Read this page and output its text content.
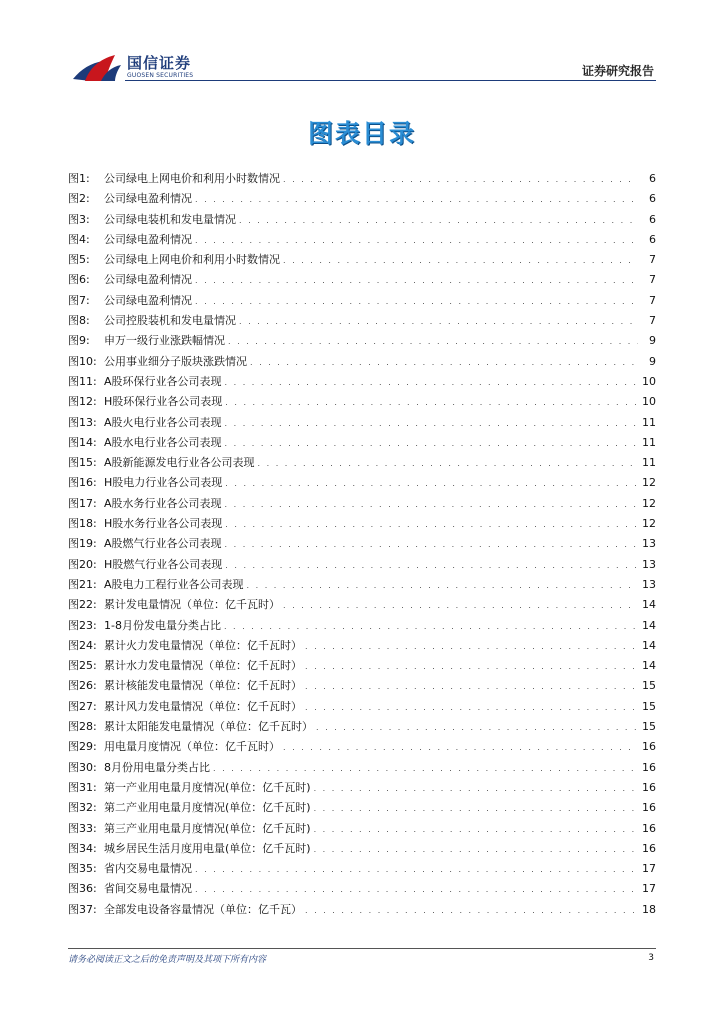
国信证券
GUOSEN SECURITIES	证券研究报告
图表目录
图1:	公司绿电上网电价和利用小时数情况 . . .	6
图2:	公司绿电盈利情况 . . .	6
图3:	公司绿电装机和发电量情况 . . .	6
图4:	公司绿电盈利情况 . . .	6
图5:	公司绿电上网电价和利用小时数情况 . . .	7
图6:	公司绿电盈利情况 . . .	7
图7:	公司绿电盈利情况 . . .	7
图8:	公司控股装机和发电量情况 . . .	7
图9:	申万一级行业涨跌幅情况 . . .	9
图10: 公用事业细分子版块涨跌情况 . . .	9
图11: A股环保行业各公司表现 . . .	10
图12: H股环保行业各公司表现 . . .	10
图13: A股火电行业各公司表现 . . .	11
图14: A股水电行业各公司表现 . . .	11
图15: A股新能源发电行业各公司表现 . . .	11
图16: H股电力行业各公司表现 . . .	12
图17: A股水务行业各公司表现 . . .	12
图18: H股水务行业各公司表现 . . .	12
图19: A股燃气行业各公司表现 . . .	13
图20: H股燃气行业各公司表现 . . .	13
图21: A股电力工程行业各公司表现 . . .	13
图22: 累计发电量情况（单位：亿千瓦时） . . .	14
图23: 1-8月份发电量分类占比 . . .	14
图24: 累计火力发电量情况（单位：亿千瓦时） . . .	14
图25: 累计水力发电量情况（单位：亿千瓦时） . . .	14
图26: 累计核能发电量情况（单位：亿千瓦时） . . .	15
图27: 累计风力发电量情况（单位：亿千瓦时） . . .	15
图28: 累计太阳能发电量情况（单位：亿千瓦时） . . .	15
图29: 用电量月度情况（单位：亿千瓦时） . . .	16
图30: 8月份用电量分类占比 . . .	16
图31: 第一产业用电量月度情况(单位：亿千瓦时) . . .	16
图32: 第二产业用电量月度情况(单位：亿千瓦时) . . .	16
图33: 第三产业用电量月度情况(单位：亿千瓦时) . . .	16
图34: 城乡居民生活月度用电量(单位：亿千瓦时) . . .	16
图35: 省内交易电量情况 . . .	17
图36: 省间交易电量情况 . . .	17
图37: 全部发电设备容量情况（单位：亿千瓦） . . .	18
请务必阅读正文之后的免责声明及其项下所有内容	3
